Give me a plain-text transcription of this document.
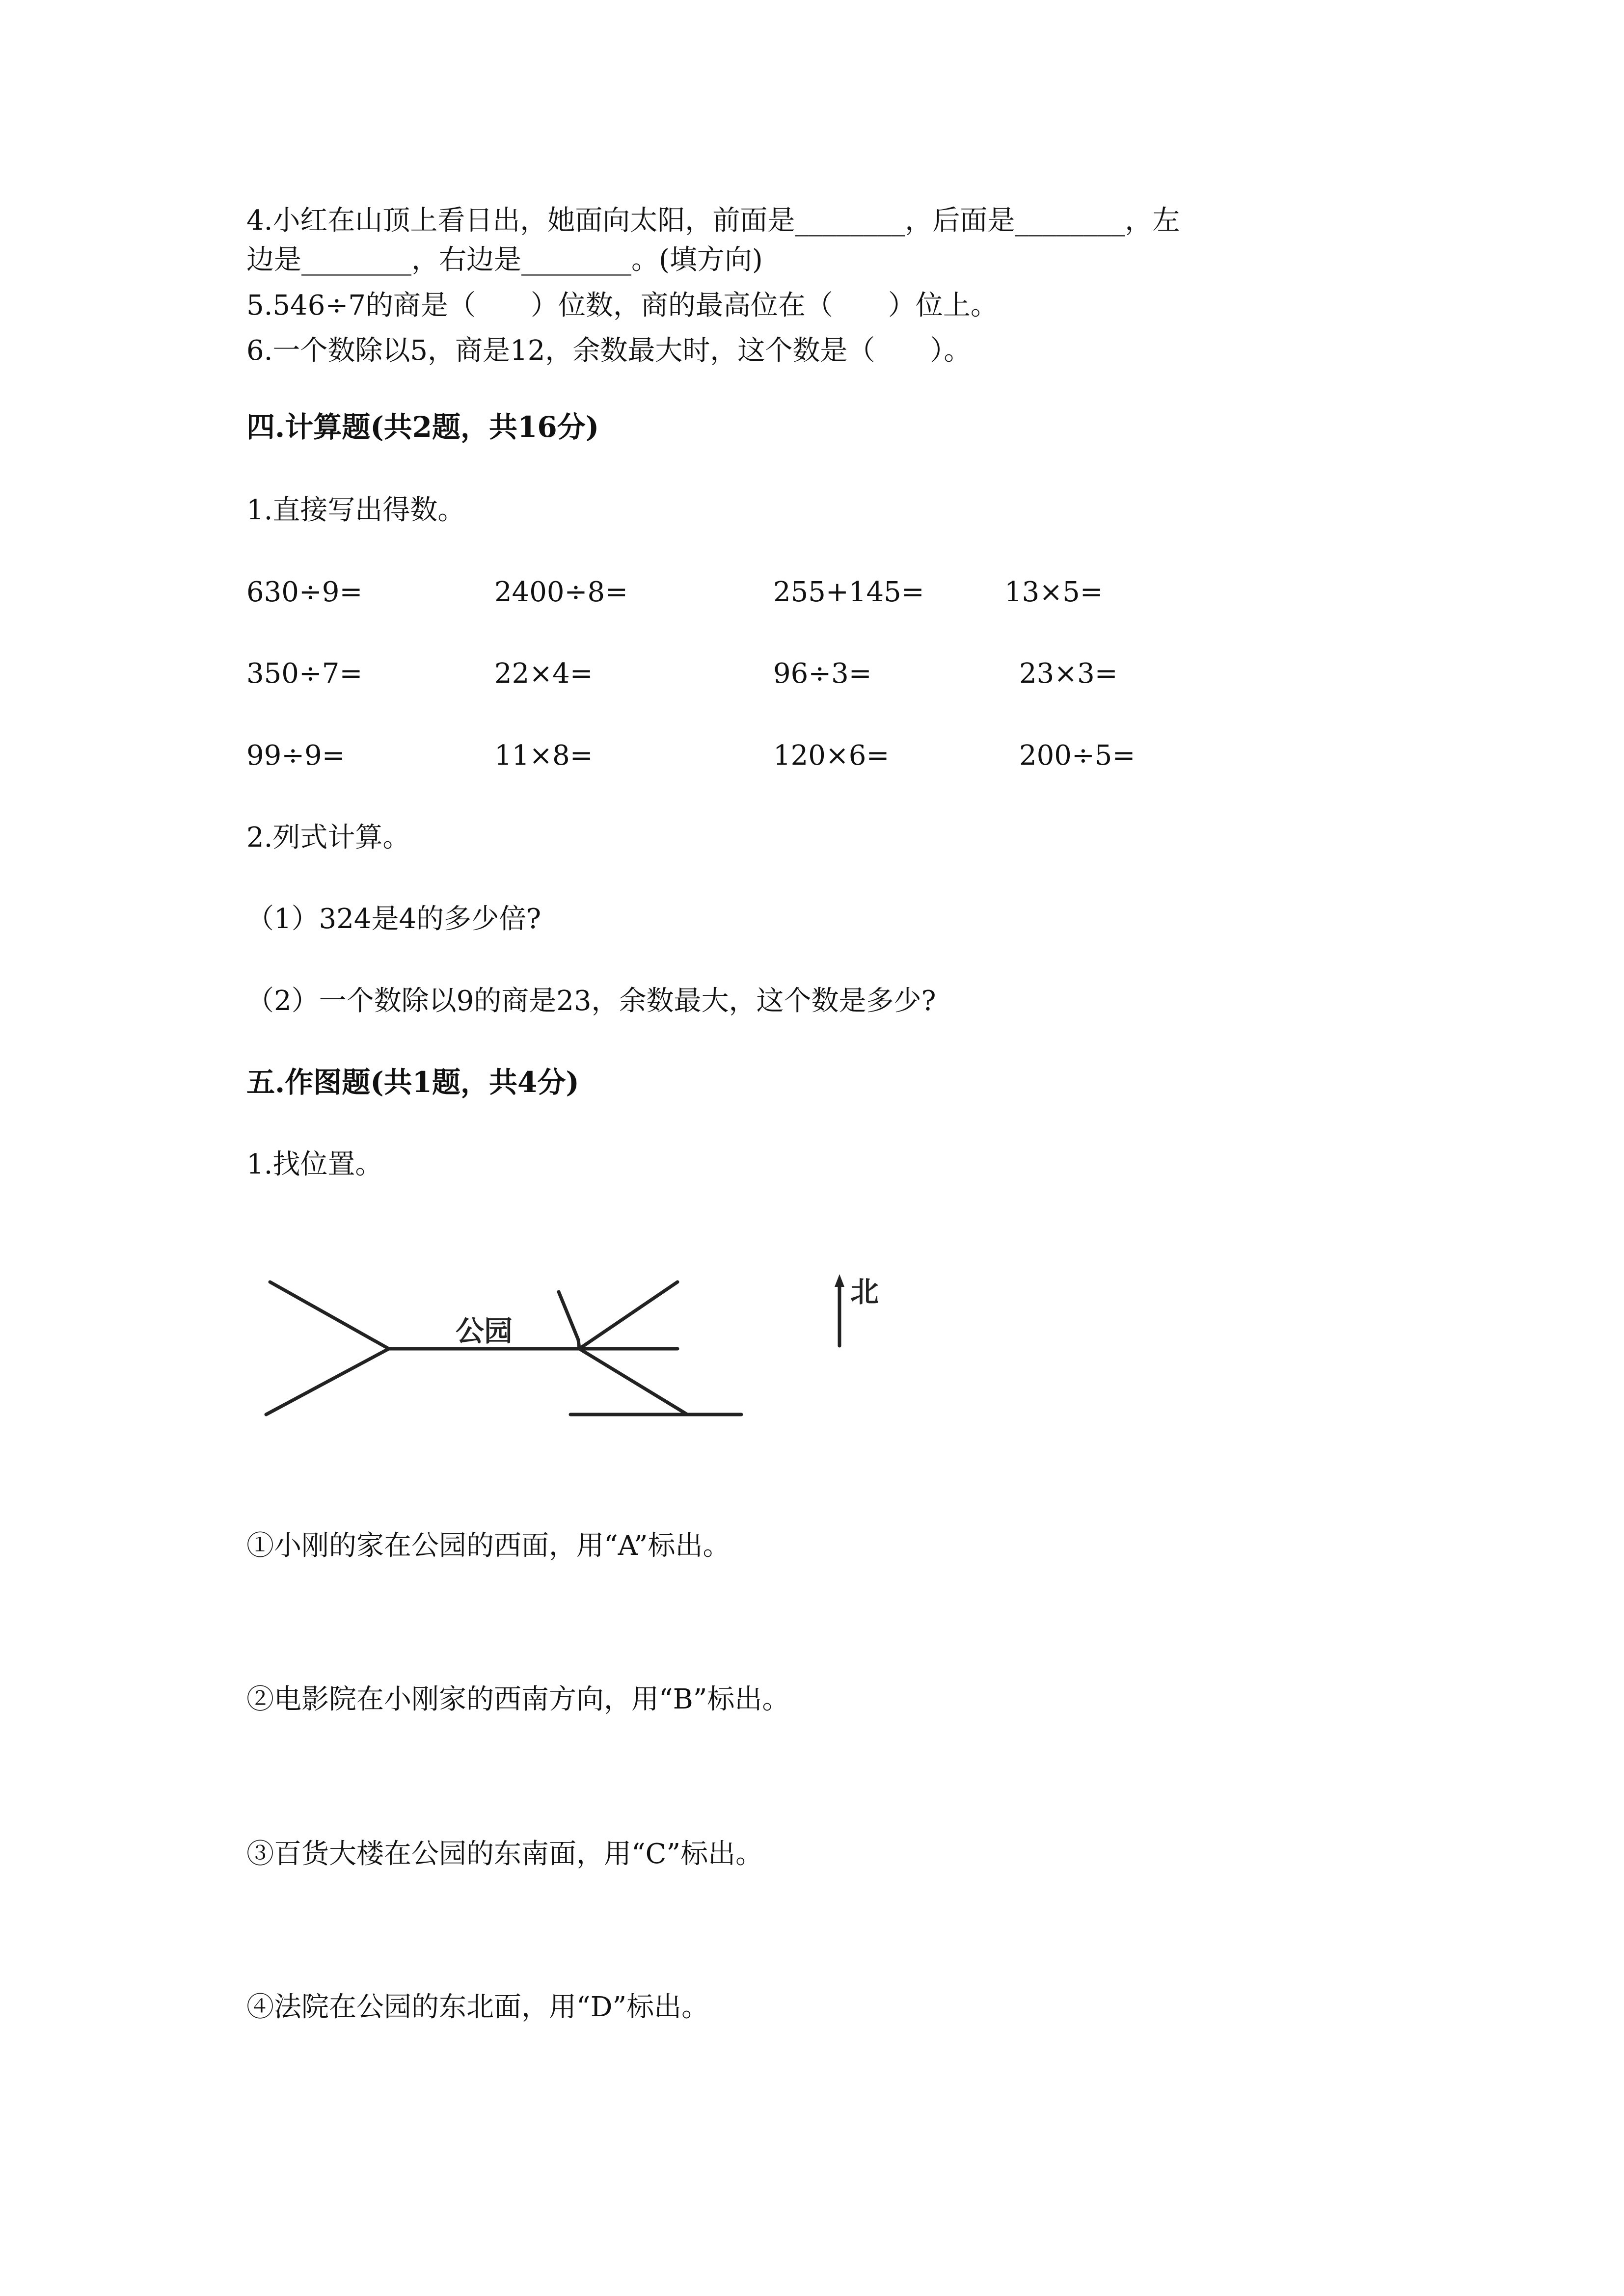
4.小红在山顶上看日出，她面向太阳，前面是________，后面是________，左

边是________，右边是________。(填方向)

5.546÷7的商是（　　）位数，商的最高位在（　　）位上。

6.一个数除以5，商是12，余数最大时，这个数是（　　）。

四.计算题(共2题，共16分)

1.直接写出得数。

630÷9=	2400÷8=	255+145=	13×5=
350÷7=	22×4=	96÷3=	23×3=
99÷9=	11×8=	120×6=	200÷5=

2.列式计算。

（1）324是4的多少倍?

（2）一个数除以9的商是23，余数最大，这个数是多少?

五.作图题(共1题，共4分)

1.找位置。

公园
北

①小刚的家在公园的西面，用“A”标出。

②电影院在小刚家的西南方向，用“B”标出。

③百货大楼在公园的东南面，用“C”标出。

④法院在公园的东北面，用“D”标出。
